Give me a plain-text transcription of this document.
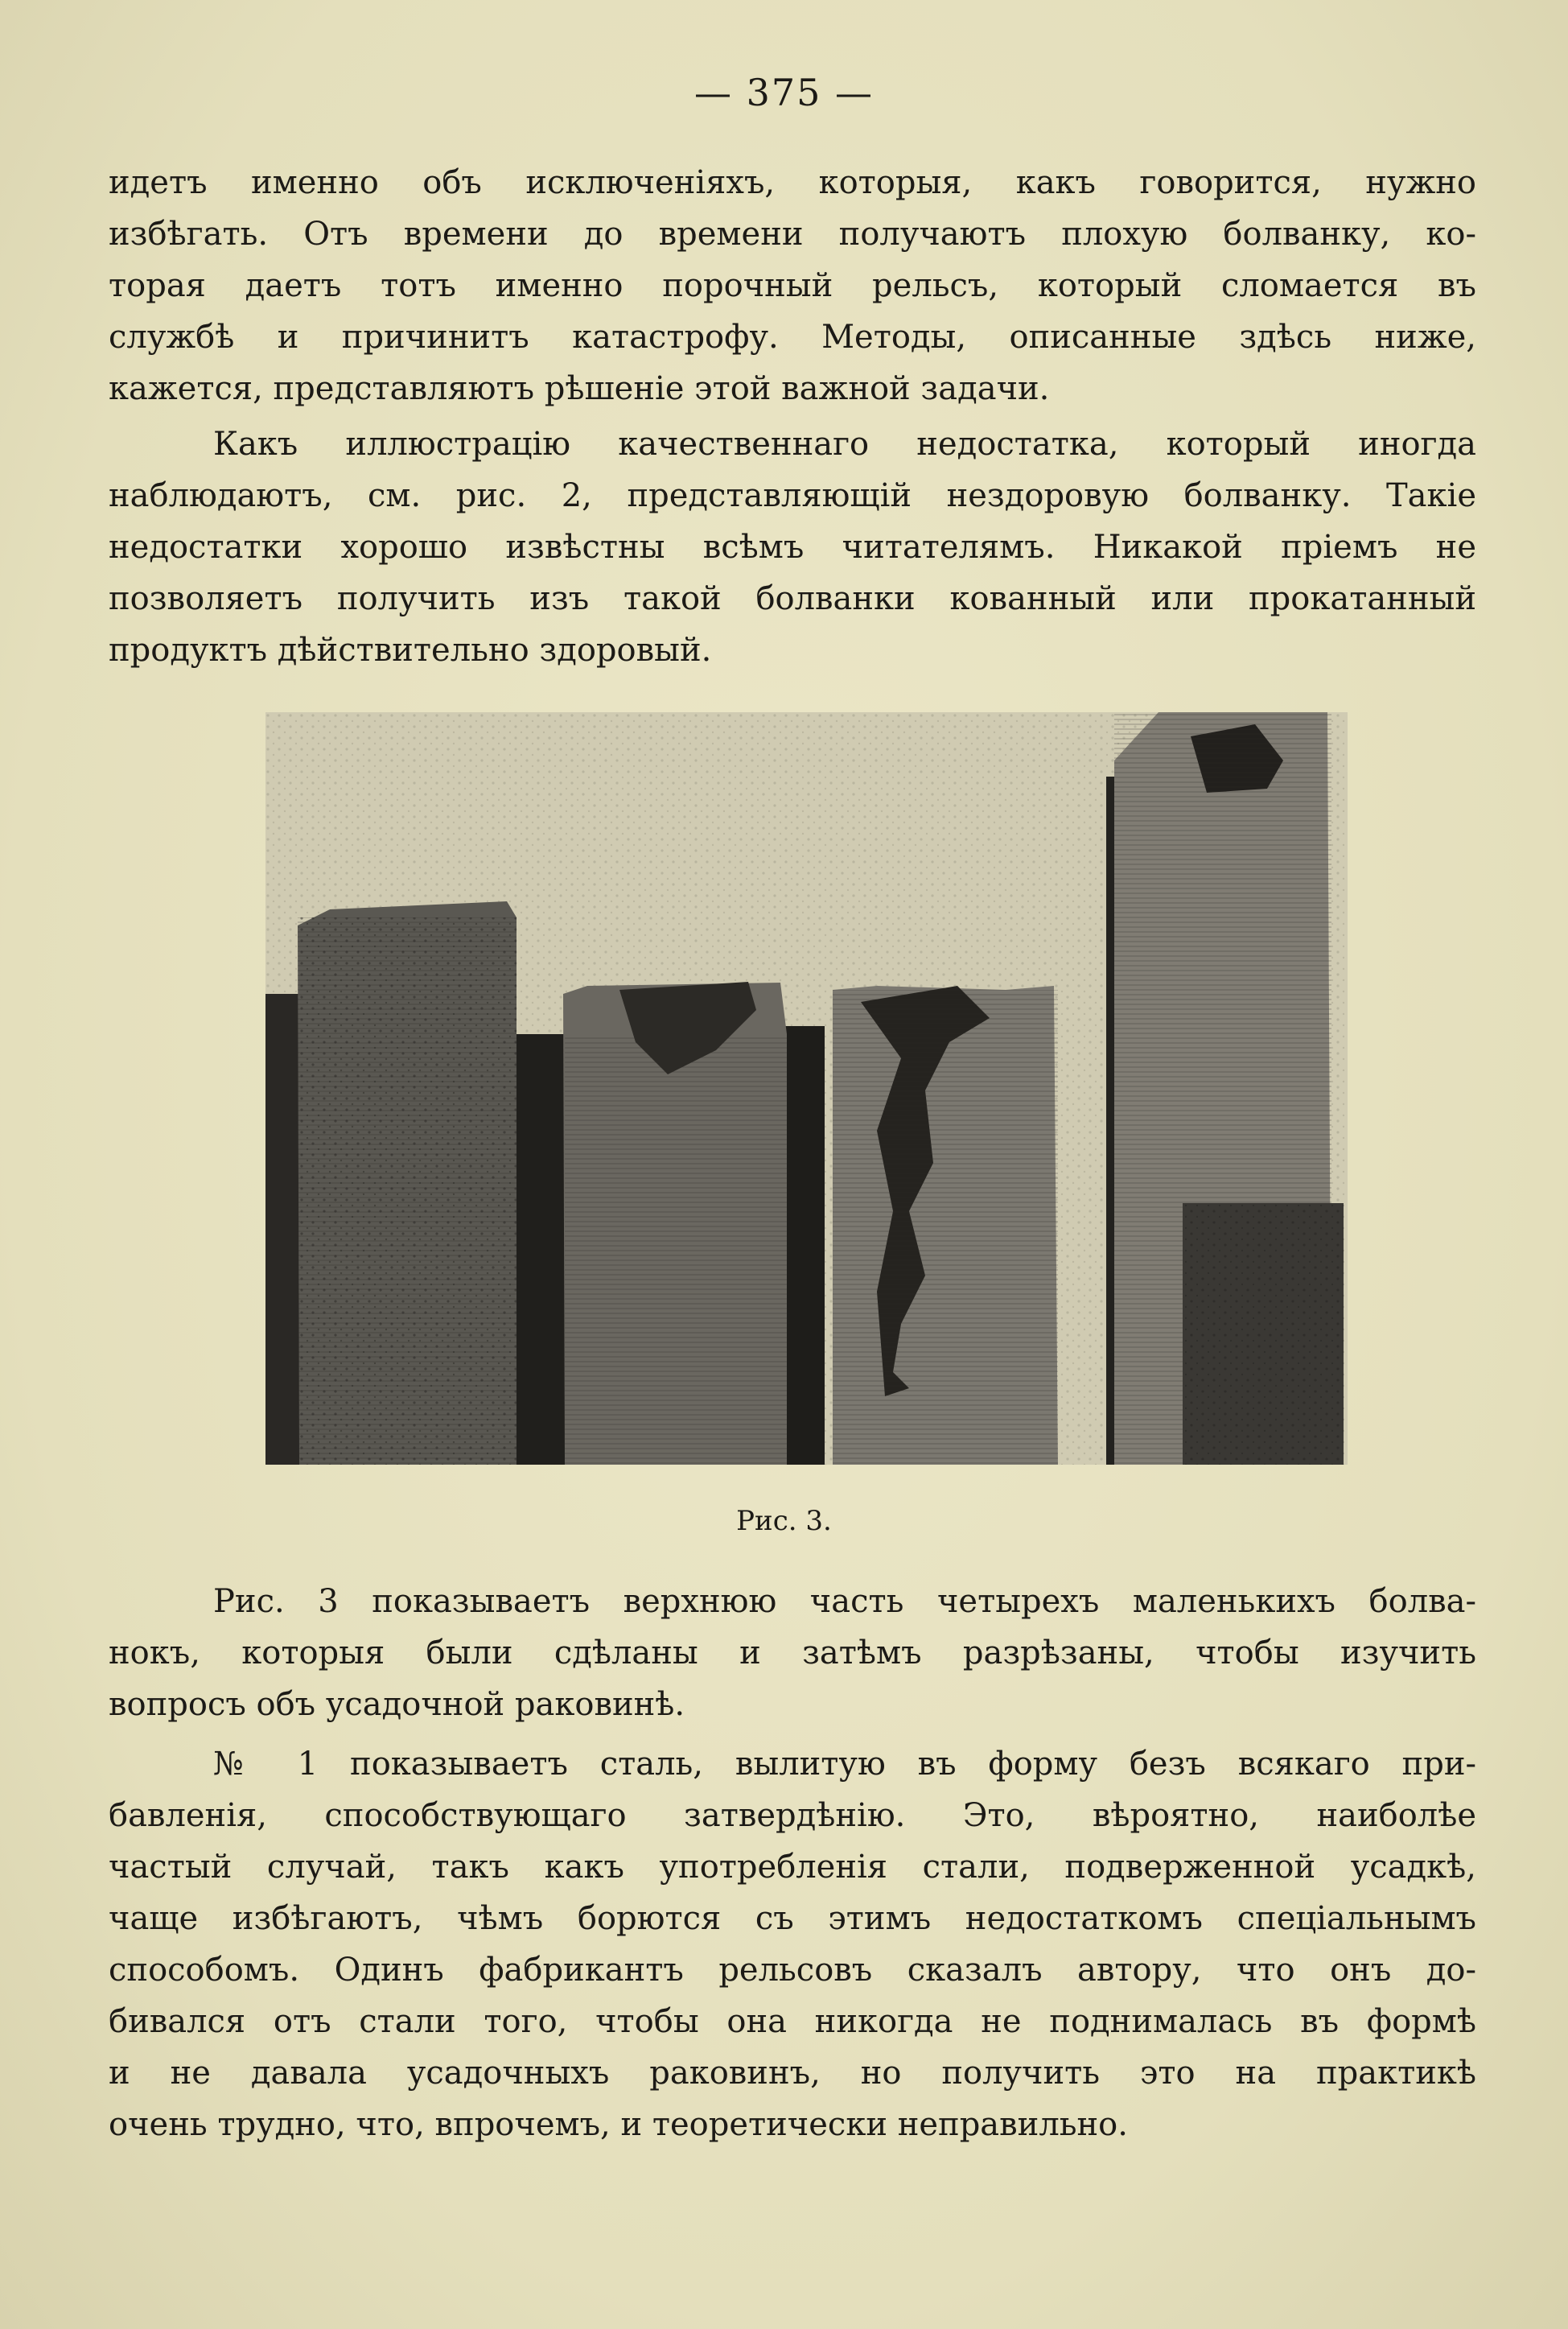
— 375 —

идетъ именно объ исключеніяхъ, которыя, какъ говорится, нужно
избѣгать. Отъ времени до времени получаютъ плохую болванку, ко-
торая даетъ тотъ именно порочный рельсъ, который сломается въ
службѣ и причинитъ катастрофу. Методы, описанные здѣсь ниже,
кажется, представляютъ рѣшеніе этой важной задачи.

Какъ иллюстрацію качественнаго недостатка, который иногда
наблюдаютъ, см. рис. 2, представляющій нездоровую болванку. Такіе
недостатки хорошо извѣстны всѣмъ читателямъ. Никакой пріемъ не
позволяетъ получить изъ такой болванки кованный или прокатанный
продуктъ дѣйствительно здоровый.

Рис. 3.

Рис. 3 показываетъ верхнюю часть четырехъ маленькихъ болва-
нокъ, которыя были сдѣланы и затѣмъ разрѣзаны, чтобы изучить
вопросъ объ усадочной раковинѣ.

№ 1 показываетъ сталь, вылитую въ форму безъ всякаго при-
бавленія, способствующаго затвердѣнію. Это, вѣроятно, наиболѣе
частый случай, такъ какъ употребленія стали, подверженной усадкѣ,
чаще избѣгаютъ, чѣмъ борются съ этимъ недостаткомъ спеціальнымъ
способомъ. Одинъ фабрикантъ рельсовъ сказалъ автору, что онъ до-
бивался отъ стали того, чтобы она никогда не поднималась въ формѣ
и не давала усадочныхъ раковинъ, но получить это на практикѣ
очень трудно, что, впрочемъ, и теоретически неправильно.
